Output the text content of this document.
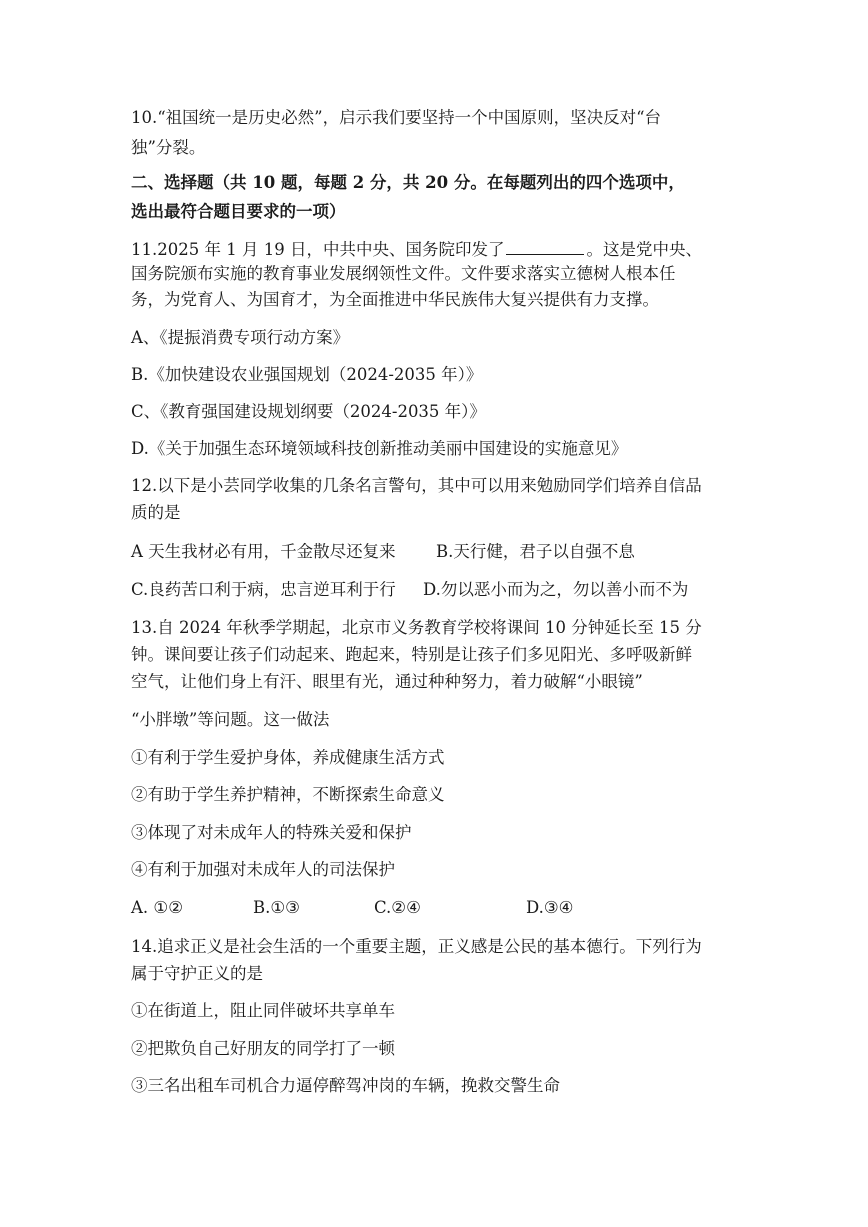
10.“祖国统一是历史必然”，启示我们要坚持一个中国原则，坚决反对“台
独”分裂。
二、选择题（共 10 题，每题 2 分，共 20 分。在每题列出的四个选项中，
选出最符合题目要求的一项）
11.2025 年 1 月 19 日，中共中央、国务院印发了	。这是党中央、
国务院颁布实施的教育事业发展纲领性文件。文件要求落实立德树人根本任
务，为党育人、为国育才，为全面推进中华民族伟大复兴提供有力支撑。
A、《提振消费专项行动方案》
B.《加快建设农业强国规划（2024-2035 年）》
C、《教育强国建设规划纲要（2024-2035 年）》
D.《关于加强生态环境领域科技创新推动美丽中国建设的实施意见》
12.以下是小芸同学收集的几条名言警句，其中可以用来勉励同学们培养自信品
质的是
A 天生我材必有用，千金散尽还复来 B.天行健，君子以自强不息
C.良药苦口利于病，忠言逆耳利于行 D.勿以恶小而为之，勿以善小而不为
13.自 2024 年秋季学期起，北京市义务教育学校将课间 10 分钟延长至 15 分
钟。课间要让孩子们动起来、跑起来，特别是让孩子们多见阳光、多呼吸新鲜
空气，让他们身上有汗、眼里有光，通过种种努力，着力破解“小眼镜”
“小胖墩”等问题。这一做法
①有利于学生爱护身体，养成健康生活方式
②有助于学生养护精神，不断探索生命意义
③体现了对未成年人的特殊关爱和保护
④有利于加强对未成年人的司法保护
A. ①②	B.①③	C.②④	D.③④
14.追求正义是社会生活的一个重要主题，正义感是公民的基本德行。下列行为
属于守护正义的是
①在街道上，阻止同伴破坏共享单车
②把欺负自己好朋友的同学打了一顿
③三名出租车司机合力逼停醉驾冲岗的车辆，挽救交警生命
